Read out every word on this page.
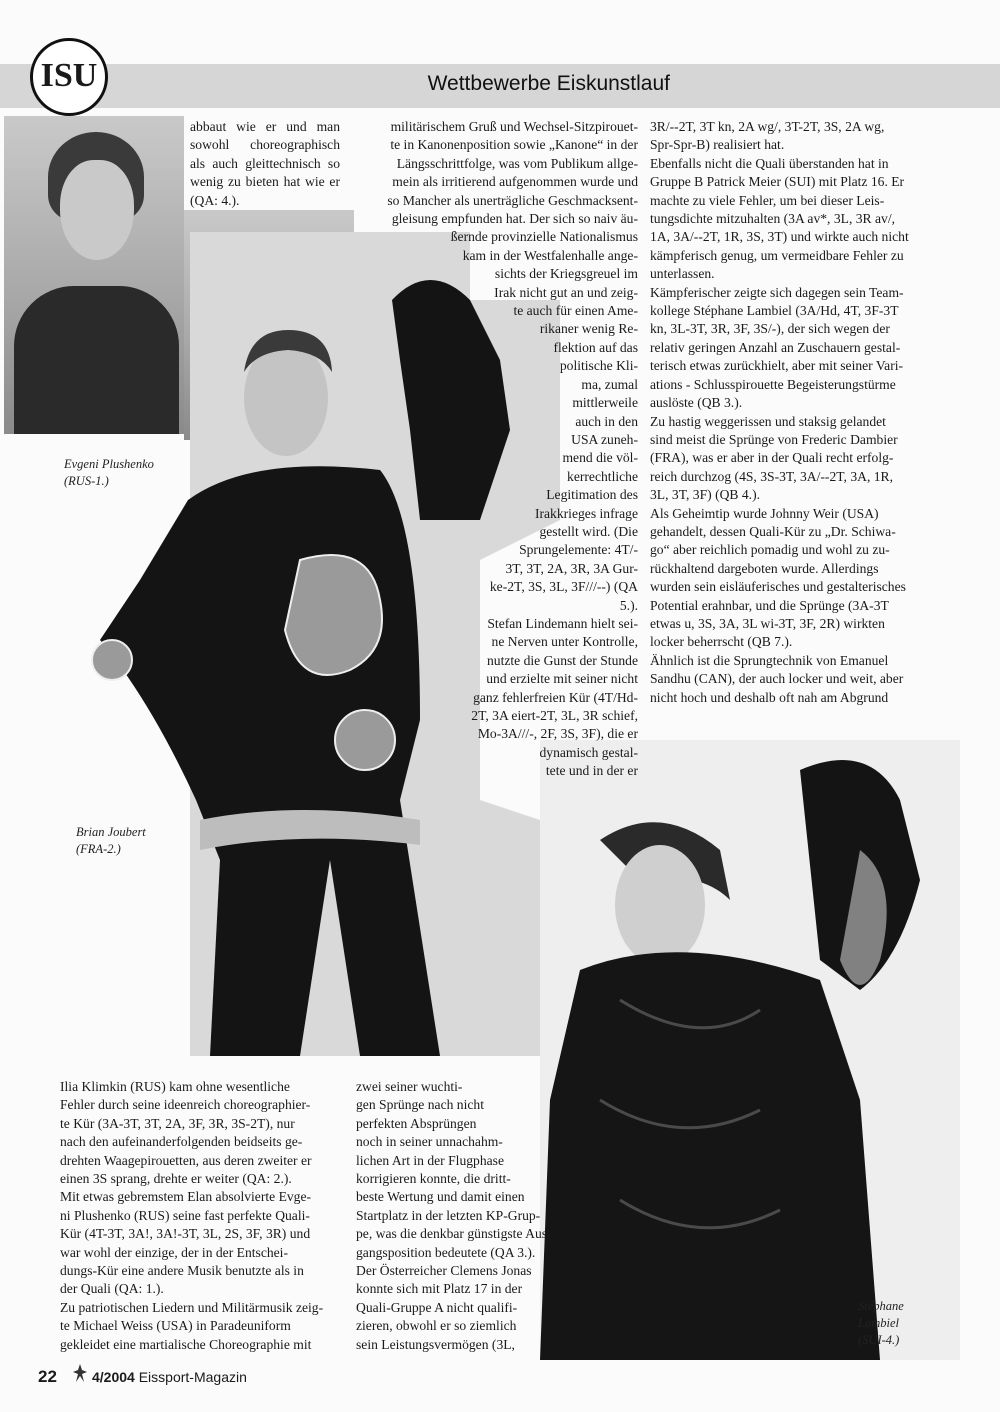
Wettbewerbe Eiskunstlauf
ISU
Evgeni Plushenko
(RUS-1.)
Brian Joubert
(FRA-2.)
Stéphane
Lambiel
(SUI-4.)

abbaut wie er und man sowohl choreographisch als auch gleittechnisch so wenig zu bieten hat wie er (QA: 4.).

militärischem Gruß und Wechsel-Sitzpirouet-
te in Kanonenposition sowie „Kanone“ in der
Längsschrittfolge, was vom Publikum allge-
mein als irritierend aufgenommen wurde und
so Mancher als unerträgliche Geschmacksent-
gleisung empfunden hat. Der sich so naiv äu-
ßernde provinzielle Nationalismus
kam in der Westfalenhalle ange-
sichts der Kriegsgreuel im
Irak nicht gut an und zeig-
te auch für einen Ame-
rikaner wenig Re-
flektion auf das
politische Kli-
ma, zumal
mittlerweile
auch in den
USA zuneh-
mend die völ-
kerrechtliche
Legitimation des
Irakkrieges infrage
gestellt wird. (Die
Sprungelemente: 4T/-
3T, 3T, 2A, 3R, 3A Gur-
ke-2T, 3S, 3L, 3F///--) (QA
5.).
Stefan Lindemann hielt sei-
ne Nerven unter Kontrolle,
nutzte die Gunst der Stunde
und erzielte mit seiner nicht
ganz fehlerfreien Kür (4T/Hd-
2T, 3A eiert-2T, 3L, 3R schief,
Mo-3A///-, 2F, 3S, 3F), die er
dynamisch gestal-
tete und in der er
3R/--2T, 3T kn, 2A wg/, 3T-2T, 3S, 2A wg,
Spr-Spr-B) realisiert hat.
Ebenfalls nicht die Quali überstanden hat in
Gruppe B Patrick Meier (SUI) mit Platz 16. Er
machte zu viele Fehler, um bei dieser Leis-
tungsdichte mitzuhalten (3A av*, 3L, 3R av/,
1A, 3A/--2T, 1R, 3S, 3T) und wirkte auch nicht
kämpferisch genug, um vermeidbare Fehler zu
unterlassen.
Kämpferischer zeigte sich dagegen sein Team-
kollege Stéphane Lambiel (3A/Hd, 4T, 3F-3T
kn, 3L-3T, 3R, 3F, 3S/-), der sich wegen der
relativ geringen Anzahl an Zuschauern gestal-
terisch etwas zurückhielt, aber mit seiner Vari-
ations - Schlusspirouette Begeisterungstürme
auslöste (QB 3.).
Zu hastig weggerissen und staksig gelandet
sind meist die Sprünge von Frederic Dambier
(FRA), was er aber in der Quali recht erfolg-
reich durchzog (4S, 3S-3T, 3A/--2T, 3A, 1R,
3L, 3T, 3F) (QB 4.).
Als Geheimtip wurde Johnny Weir (USA)
gehandelt, dessen Quali-Kür zu „Dr. Schiwa-
go“ aber reichlich pomadig und wohl zu zu-
rückhaltend dargeboten wurde. Allerdings
wurden sein eisläuferisches und gestalterisches
Potential erahnbar, und die Sprünge (3A-3T
etwas u, 3S, 3A, 3L wi-3T, 3F, 2R) wirkten
locker beherrscht (QB 7.).
Ähnlich ist die Sprungtechnik von Emanuel
Sandhu (CAN), der auch locker und weit, aber
nicht hoch und deshalb oft nah am Abgrund
Ilia Klimkin (RUS) kam ohne wesentliche
Fehler durch seine ideenreich choreographier-
te Kür (3A-3T, 3T, 2A, 3F, 3R, 3S-2T), nur
nach den aufeinanderfolgenden beidseits ge-
drehten Waagepirouetten, aus deren zweiter er
einen 3S sprang, drehte er weiter (QA: 2.).
Mit etwas gebremstem Elan absolvierte Evge-
ni Plushenko (RUS) seine fast perfekte Quali-
Kür (4T-3T, 3A!, 3A!-3T, 3L, 2S, 3F, 3R) und
war wohl der einzige, der in der Entschei-
dungs-Kür eine andere Musik benutzte als in
der Quali (QA: 1.).
Zu patriotischen Liedern und Militärmusik zeig-
te Michael Weiss (USA) in Paradeuniform
gekleidet eine martialische Choreographie mit
zwei seiner wuchti-
gen Sprünge nach nicht
perfekten Absprüngen
noch in seiner unnachahm-
lichen Art in der Flugphase
korrigieren konnte, die dritt-
beste Wertung und damit einen
Startplatz in der letzten KP-Grup-
pe, was die denkbar günstigste Aus-
gangsposition bedeutete (QA 3.).
Der Österreicher Clemens Jonas
konnte sich mit Platz 17 in der
Quali-Gruppe A nicht qualifi-
zieren, obwohl er so ziemlich
sein Leistungsvermögen (3L,
22	4/2004 Eissport-Magazin
